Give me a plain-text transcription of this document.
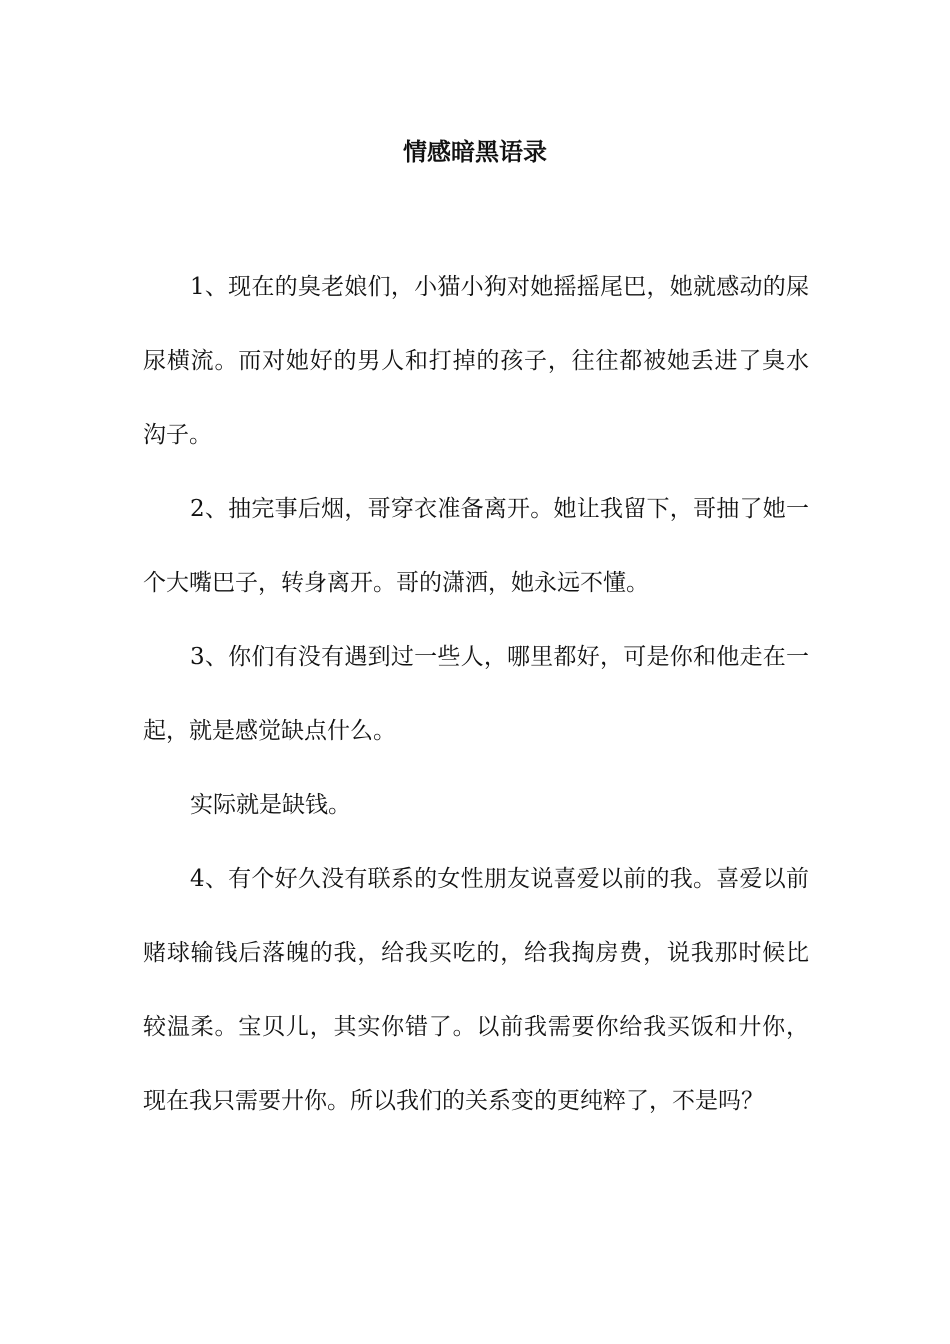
情感暗黑语录

1、现在的臭老娘们，小猫小狗对她摇摇尾巴，她就感动的屎尿横流。而对她好的男人和打掉的孩子，往往都被她丢进了臭水沟子。

2、抽完事后烟，哥穿衣准备离开。她让我留下，哥抽了她一个大嘴巴子，转身离开。哥的潇洒，她永远不懂。

3、你们有没有遇到过一些人，哪里都好，可是你和他走在一起，就是感觉缺点什么。

实际就是缺钱。

4、有个好久没有联系的女性朋友说喜爱以前的我。喜爱以前赌球输钱后落魄的我，给我买吃的，给我掏房费，说我那时候比较温柔。宝贝儿，其实你错了。以前我需要你给我买饭和廾你，现在我只需要廾你。所以我们的关系变的更纯粹了，不是吗？
